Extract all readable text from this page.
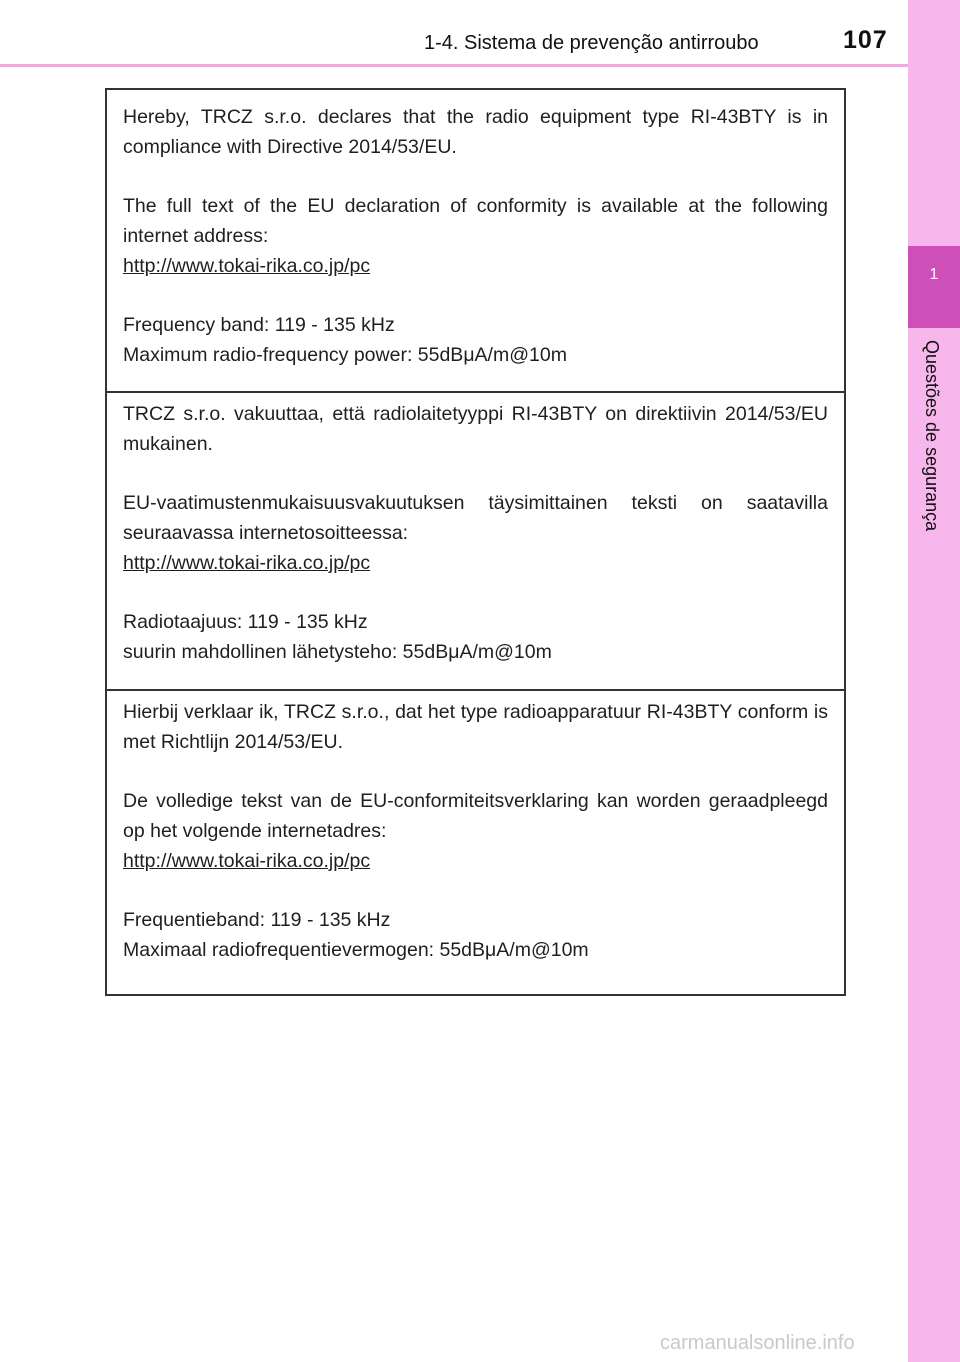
1-4. Sistema de prevenção antirroubo	107
1
Questões de segurança

Hereby, TRCZ s.r.o. declares that the radio equipment type RI-43BTY is in compliance with Directive 2014/53/EU.

The full text of the EU declaration of conformity is available at the following internet address:

http://www.tokai-rika.co.jp/pc

Frequency band: 119 - 135 kHz

Maximum radio-frequency power: 55dBμA/m@10m

TRCZ s.r.o. vakuuttaa, että radiolaitetyyppi RI-43BTY on direktiivin 2014/53/EU mukainen.

EU-vaatimustenmukaisuusvakuutuksen täysimittainen teksti on saatavilla seuraavassa internetosoitteessa:

http://www.tokai-rika.co.jp/pc

Radiotaajuus: 119 - 135 kHz

suurin mahdollinen lähetysteho: 55dBμA/m@10m

Hierbij verklaar ik, TRCZ s.r.o., dat het type radioapparatuur RI-43BTY conform is met Richtlijn 2014/53/EU.

De volledige tekst van de EU-conformiteitsverklaring kan worden geraadpleegd op het volgende internetadres:

http://www.tokai-rika.co.jp/pc

Frequentieband: 119 - 135 kHz

Maximaal radiofrequentievermogen: 55dBμA/m@10m

carmanualsonline.info
